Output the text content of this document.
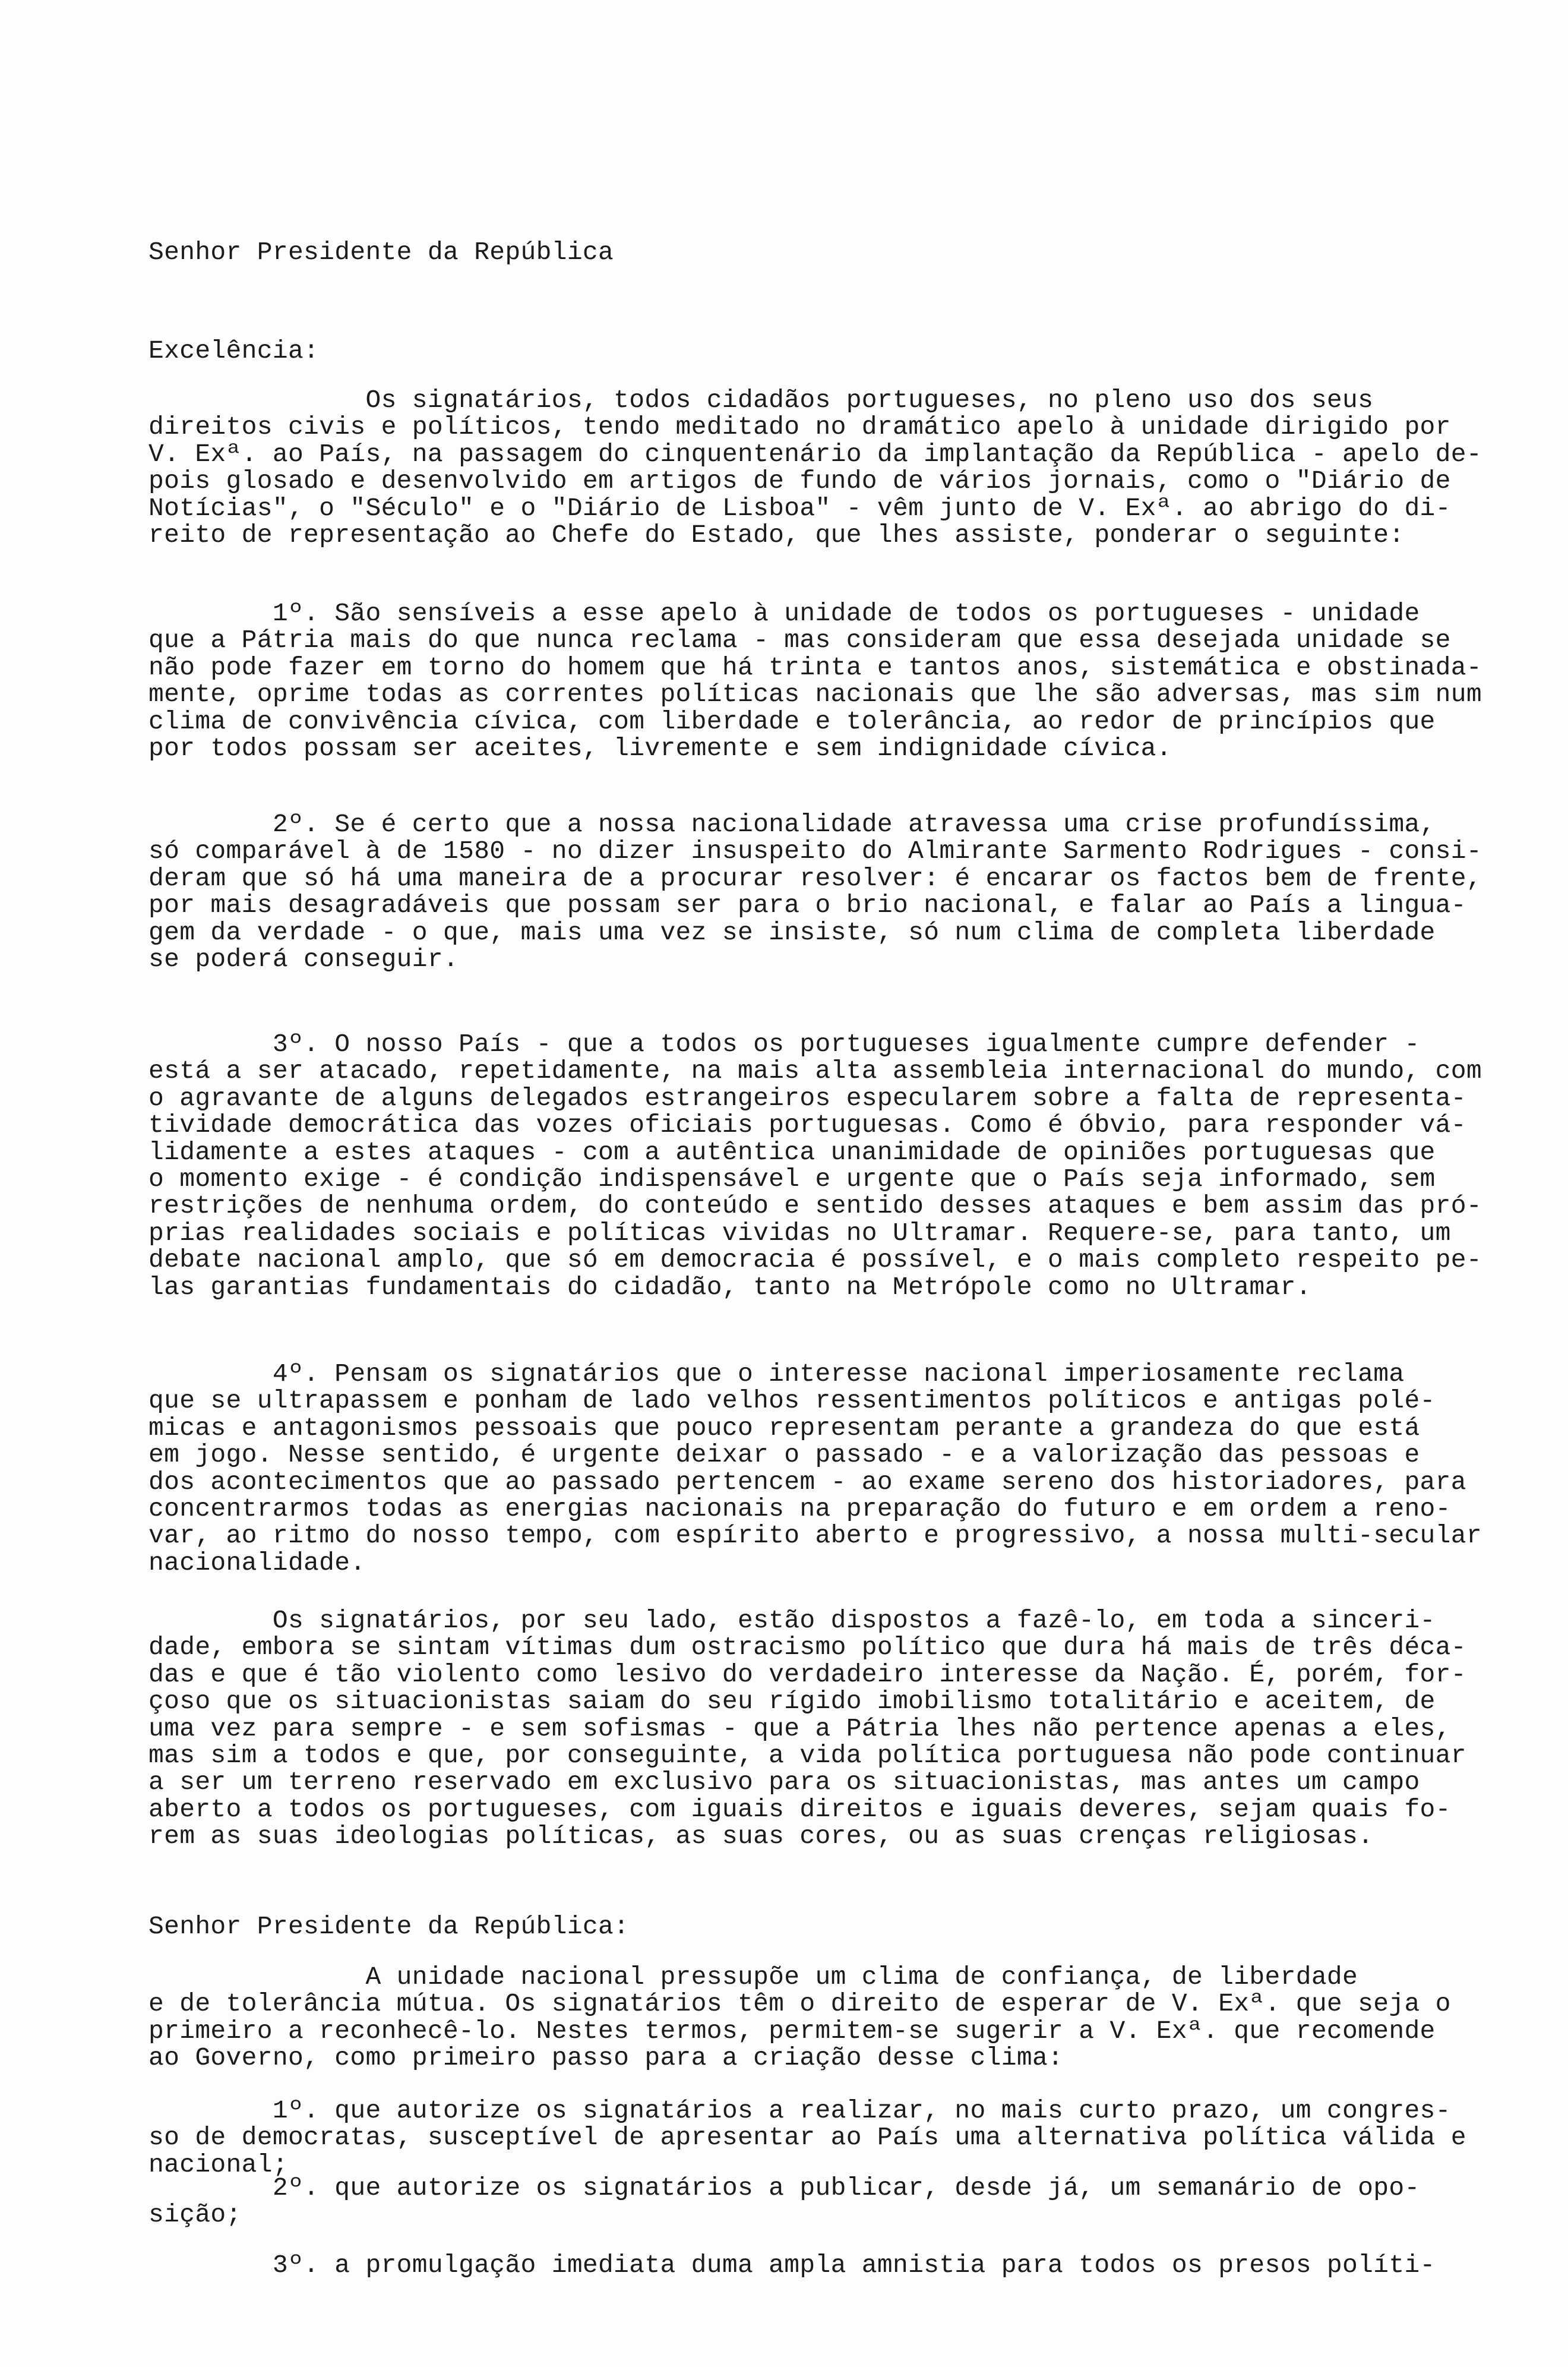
Senhor Presidente da República

Excelência:

Os signatários, todos cidadãos portugueses, no pleno uso dos seus
direitos civis e políticos, tendo meditado no dramático apelo à unidade dirigido por
V. Exª. ao País, na passagem do cinquentenário da implantação da República - apelo de-
pois glosado e desenvolvido em artigos de fundo de vários jornais, como o "Diário de
Notícias", o "Século" e o "Diário de Lisboa" - vêm junto de V. Exª. ao abrigo do di-
reito de representação ao Chefe do Estado, que lhes assiste, ponderar o seguinte:

1º. São sensíveis a esse apelo à unidade de todos os portugueses - unidade
que a Pátria mais do que nunca reclama - mas consideram que essa desejada unidade se
não pode fazer em torno do homem que há trinta e tantos anos, sistemática e obstinada-
mente, oprime todas as correntes políticas nacionais que lhe são adversas, mas sim num
clima de convivência cívica, com liberdade e tolerância, ao redor de princípios que
por todos possam ser aceites, livremente e sem indignidade cívica.

2º. Se é certo que a nossa nacionalidade atravessa uma crise profundíssima,
só comparável à de 1580 - no dizer insuspeito do Almirante Sarmento Rodrigues - consi-
deram que só há uma maneira de a procurar resolver: é encarar os factos bem de frente,
por mais desagradáveis que possam ser para o brio nacional, e falar ao País a lingua-
gem da verdade - o que, mais uma vez se insiste, só num clima de completa liberdade
se poderá conseguir.

3º. O nosso País - que a todos os portugueses igualmente cumpre defender -
está a ser atacado, repetidamente, na mais alta assembleia internacional do mundo, com
o agravante de alguns delegados estrangeiros especularem sobre a falta de representa-
tividade democrática das vozes oficiais portuguesas. Como é óbvio, para responder vá-
lidamente a estes ataques - com a autêntica unanimidade de opiniões portuguesas que
o momento exige - é condição indispensável e urgente que o País seja informado, sem
restrições de nenhuma ordem, do conteúdo e sentido desses ataques e bem assim das pró-
prias realidades sociais e políticas vividas no Ultramar. Requere-se, para tanto, um
debate nacional amplo, que só em democracia é possível, e o mais completo respeito pe-
las garantias fundamentais do cidadão, tanto na Metrópole como no Ultramar.

4º. Pensam os signatários que o interesse nacional imperiosamente reclama
que se ultrapassem e ponham de lado velhos ressentimentos políticos e antigas polé-
micas e antagonismos pessoais que pouco representam perante a grandeza do que está
em jogo. Nesse sentido, é urgente deixar o passado - e a valorização das pessoas e
dos acontecimentos que ao passado pertencem - ao exame sereno dos historiadores, para
concentrarmos todas as energias nacionais na preparação do futuro e em ordem a reno-
var, ao ritmo do nosso tempo, com espírito aberto e progressivo, a nossa multi-secular
nacionalidade.

Os signatários, por seu lado, estão dispostos a fazê-lo, em toda a sinceri-
dade, embora se sintam vítimas dum ostracismo político que dura há mais de três déca-
das e que é tão violento como lesivo do verdadeiro interesse da Nação. É, porém, for-
çoso que os situacionistas saiam do seu rígido imobilismo totalitário e aceitem, de
uma vez para sempre - e sem sofismas - que a Pátria lhes não pertence apenas a eles,
mas sim a todos e que, por conseguinte, a vida política portuguesa não pode continuar
a ser um terreno reservado em exclusivo para os situacionistas, mas antes um campo
aberto a todos os portugueses, com iguais direitos e iguais deveres, sejam quais fo-
rem as suas ideologias políticas, as suas cores, ou as suas crenças religiosas.

Senhor Presidente da República:

A unidade nacional pressupõe um clima de confiança, de liberdade
e de tolerância mútua. Os signatários têm o direito de esperar de V. Exª. que seja o
primeiro a reconhecê-lo. Nestes termos, permitem-se sugerir a V. Exª. que recomende
ao Governo, como primeiro passo para a criação desse clima:

1º. que autorize os signatários a realizar, no mais curto prazo, um congres-
so de democratas, susceptível de apresentar ao País uma alternativa política válida e
nacional;

2º. que autorize os signatários a publicar, desde já, um semanário de opo-
sição;

3º. a promulgação imediata duma ampla amnistia para todos os presos políti-
